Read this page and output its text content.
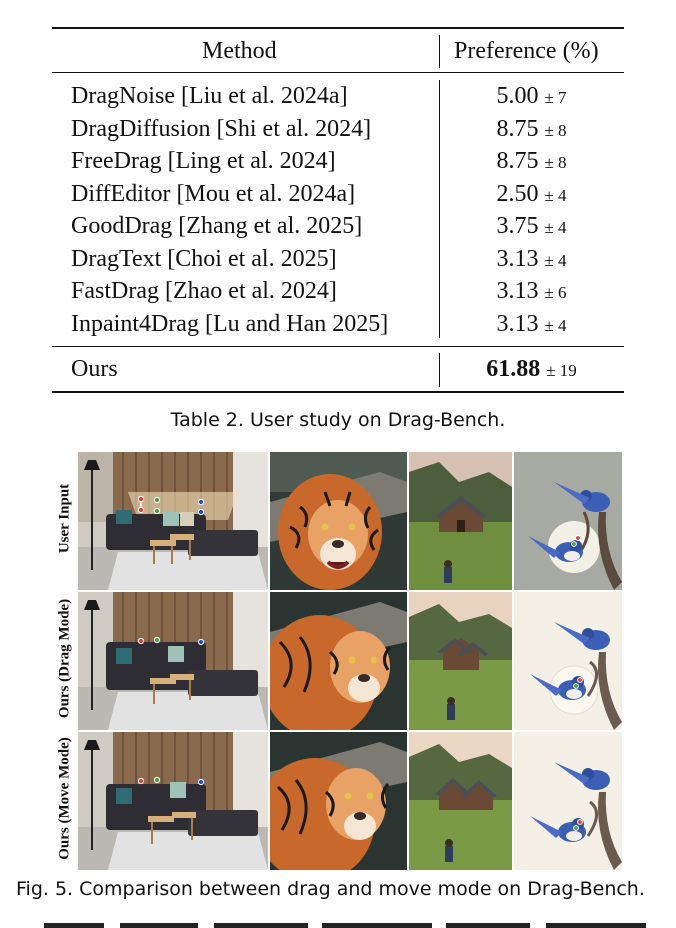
Method	Preference (%)
DragNoise [Liu et al. 2024a]	5.00 ± 7
DragDiffusion [Shi et al. 2024]	8.75 ± 8
FreeDrag [Ling et al. 2024]	8.75 ± 8
DiffEditor [Mou et al. 2024a]	2.50 ± 4
GoodDrag [Zhang et al. 2025]	3.75 ± 4
DragText [Choi et al. 2025]	3.13 ± 4
FastDrag [Zhao et al. 2024]	3.13 ± 6
Inpaint4Drag [Lu and Han 2025]	3.13 ± 4
Ours	61.88 ± 19
Table 2. User study on Drag-Bench.
User Input
Ours (Drag Mode)
Ours (Move Mode)
Fig. 5. Comparison between drag and move mode on Drag-Bench.
